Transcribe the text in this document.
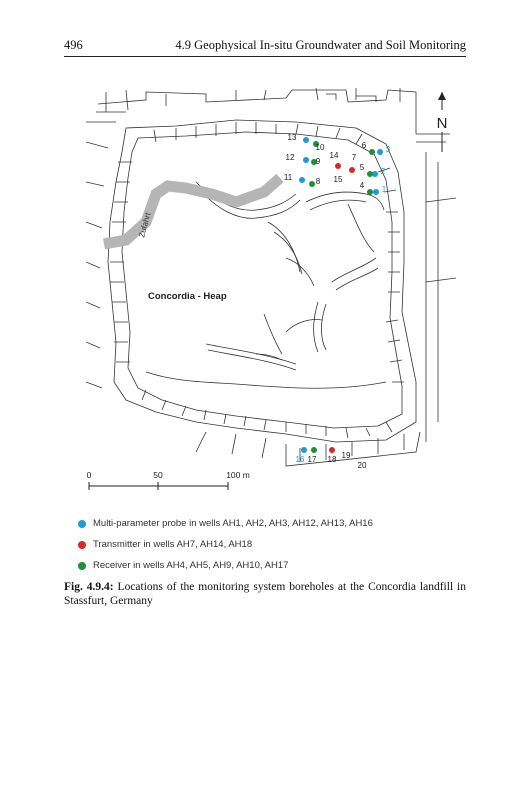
496	4.9 Geophysical In-situ Groundwater and Soil Monitoring
Zufahrt
Concordia - Heap
N
0	50	100 m
1
2
3
4
5
6
7
8
9
10
11
12
13
14
15
16 17 18 19
20
Multi-parameter probe in wells AH1, AH2, AH3, AH12, AH13, AH16
Transmitter in wells AH7, AH14, AH18
Receiver in wells AH4, AH5, AH9, AH10, AH17
Fig. 4.9.4: Locations of the monitoring system boreholes at the Concordia landfill in Stassfurt, Germany
